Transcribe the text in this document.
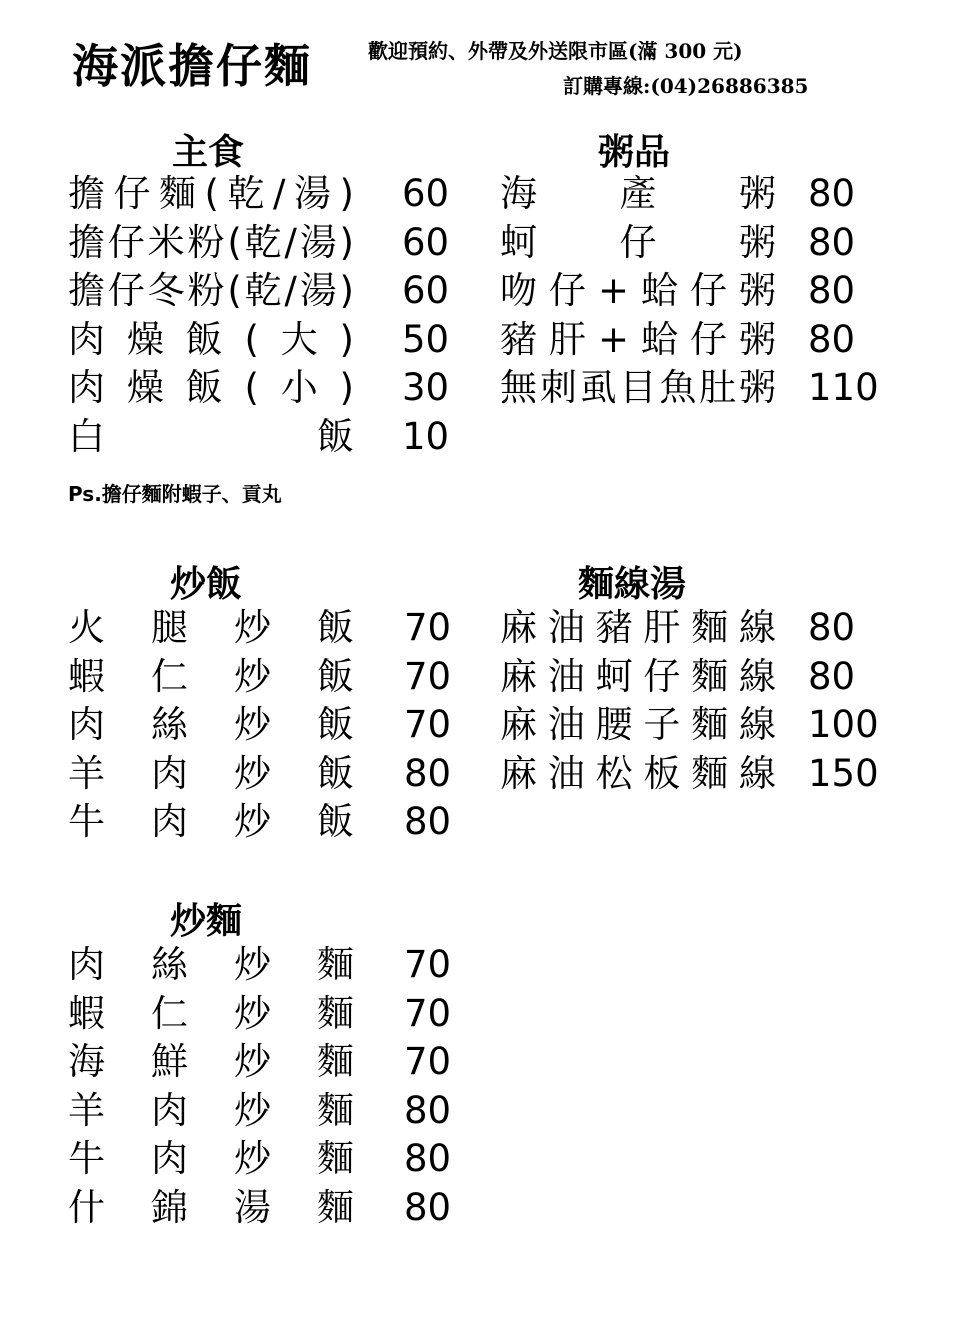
海派擔仔麵	歡迎預約、外帶及外送限市區(滿 300 元)
訂購專線:(04)26886385
主食
擔 仔 麵 ( 乾 / 湯 ) 60
擔 仔 米 粉 ( 乾 / 湯 ) 60
擔 仔 冬 粉 ( 乾 / 湯 ) 60
肉 燥 飯 ( 大 ) 50
肉 燥 飯 ( 小 ) 30
白	飯 10
粥品
海 產 粥 80
蚵 仔 粥 80
吻 仔 + 蛤 仔 粥 80
豬 肝 + 蛤 仔 粥 80
無 刺 虱 目 魚 肚 粥 110
Ps.擔仔麵附蝦子、貢丸
炒飯
火 腿 炒 飯 70
蝦 仁 炒 飯 70
肉 絲 炒 飯 70
羊 肉 炒 飯 80
牛 肉 炒 飯 80
麵線湯
麻 油 豬 肝 麵 線 80
麻 油 蚵 仔 麵 線 80
麻 油 腰 子 麵 線 100
麻 油 松 板 麵 線 150
炒麵
肉 絲 炒 麵 70
蝦 仁 炒 麵 70
海 鮮 炒 麵 70
羊 肉 炒 麵 80
牛 肉 炒 麵 80
什 錦 湯 麵 80
